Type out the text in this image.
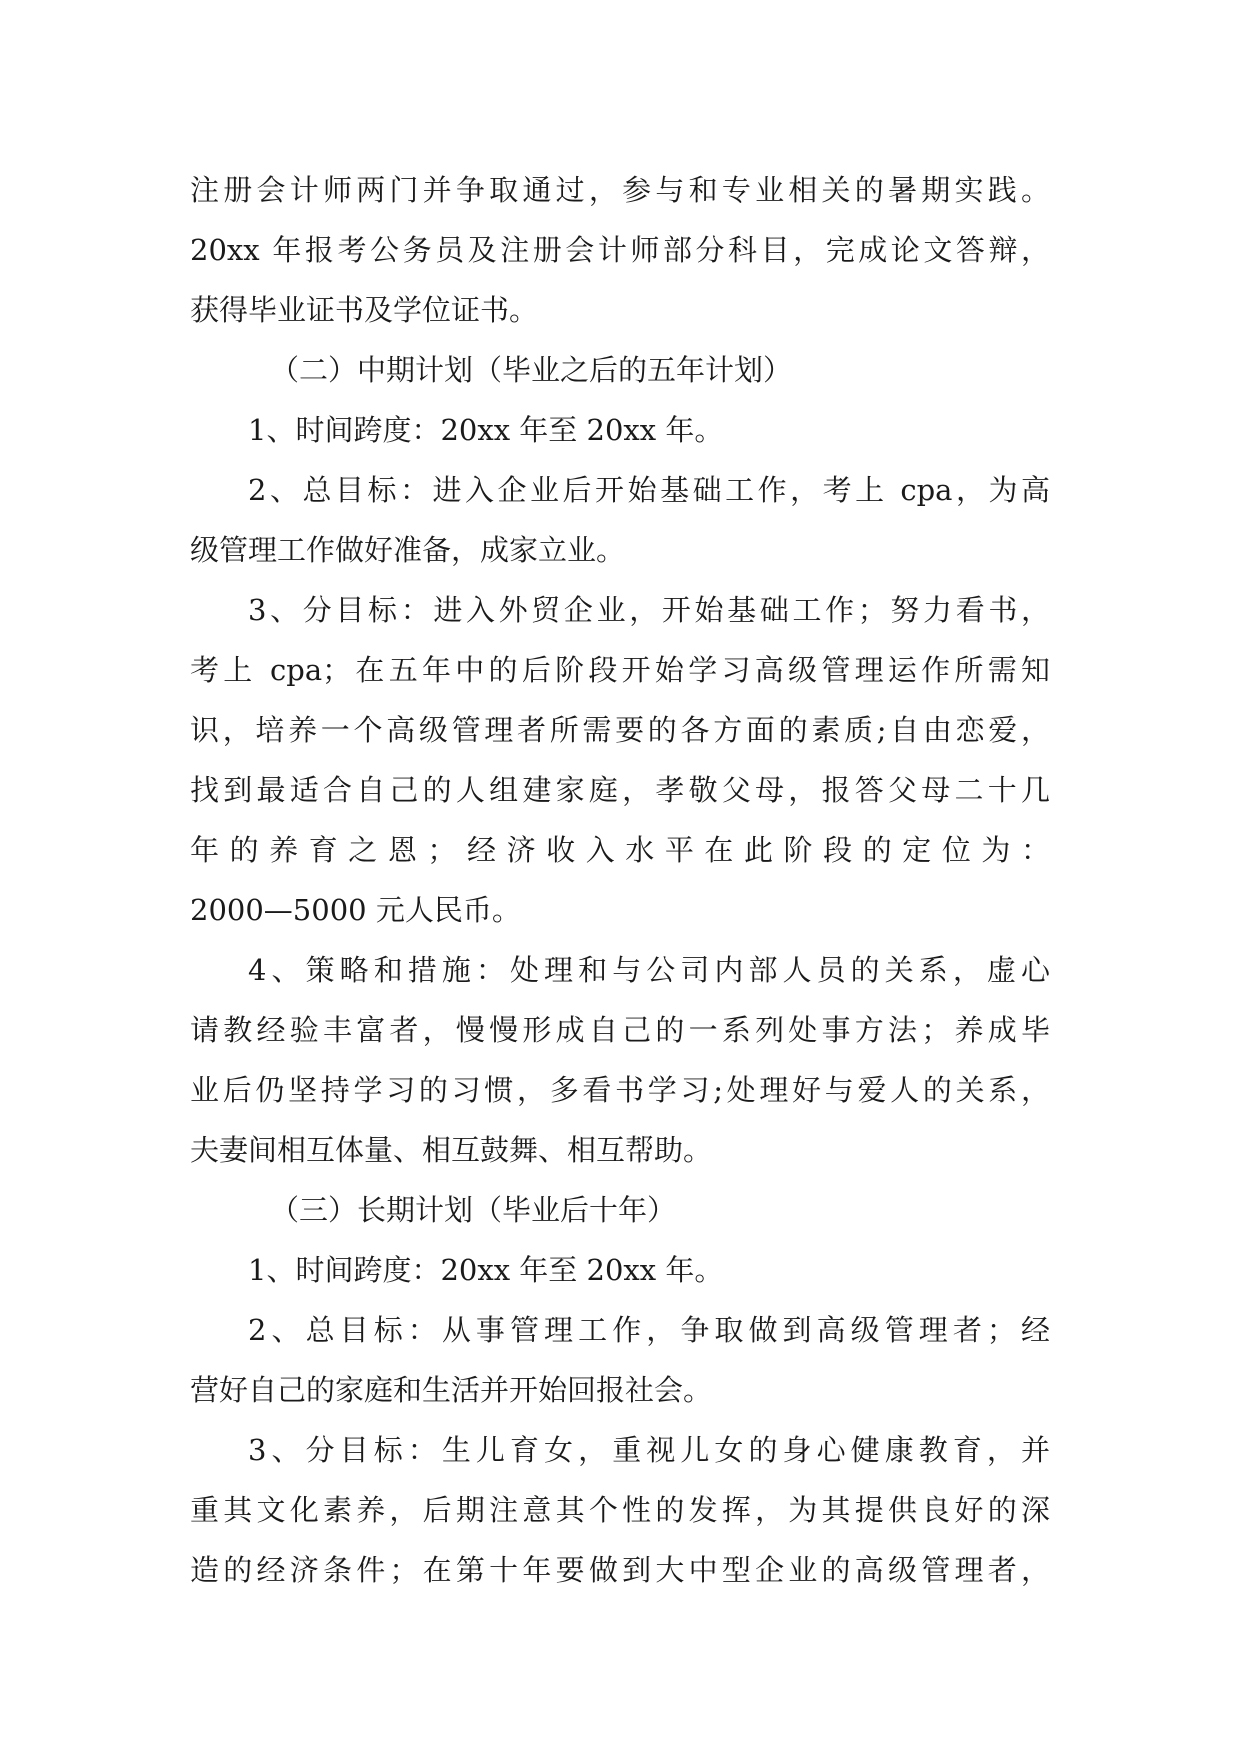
注册会计师两门并争取通过，参与和专业相关的暑期实践。
20xx 年报考公务员及注册会计师部分科目，完成论文答辩，
获得毕业证书及学位证书。
（二）中期计划（毕业之后的五年计划）
1、时间跨度：20xx 年至 20xx 年。
2、总目标：进入企业后开始基础工作，考上 cpa，为高
级管理工作做好准备，成家立业。
3、分目标：进入外贸企业，开始基础工作；努力看书，
考上 cpa；在五年中的后阶段开始学习高级管理运作所需知
识，培养一个高级管理者所需要的各方面的素质;自由恋爱，
找到最适合自己的人组建家庭，孝敬父母，报答父母二十几
年的养育之恩；经济收入水平在此阶段的定位为：
2000—5000 元人民币。
4、策略和措施：处理和与公司内部人员的关系，虚心
请教经验丰富者，慢慢形成自己的一系列处事方法；养成毕
业后仍坚持学习的习惯，多看书学习;处理好与爱人的关系，
夫妻间相互体量、相互鼓舞、相互帮助。
（三）长期计划（毕业后十年）
1、时间跨度：20xx 年至 20xx 年。
2、总目标：从事管理工作，争取做到高级管理者；经
营好自己的家庭和生活并开始回报社会。
3、分目标：生儿育女，重视儿女的身心健康教育，并
重其文化素养，后期注意其个性的发挥，为其提供良好的深
造的经济条件；在第十年要做到大中型企业的高级管理者，
